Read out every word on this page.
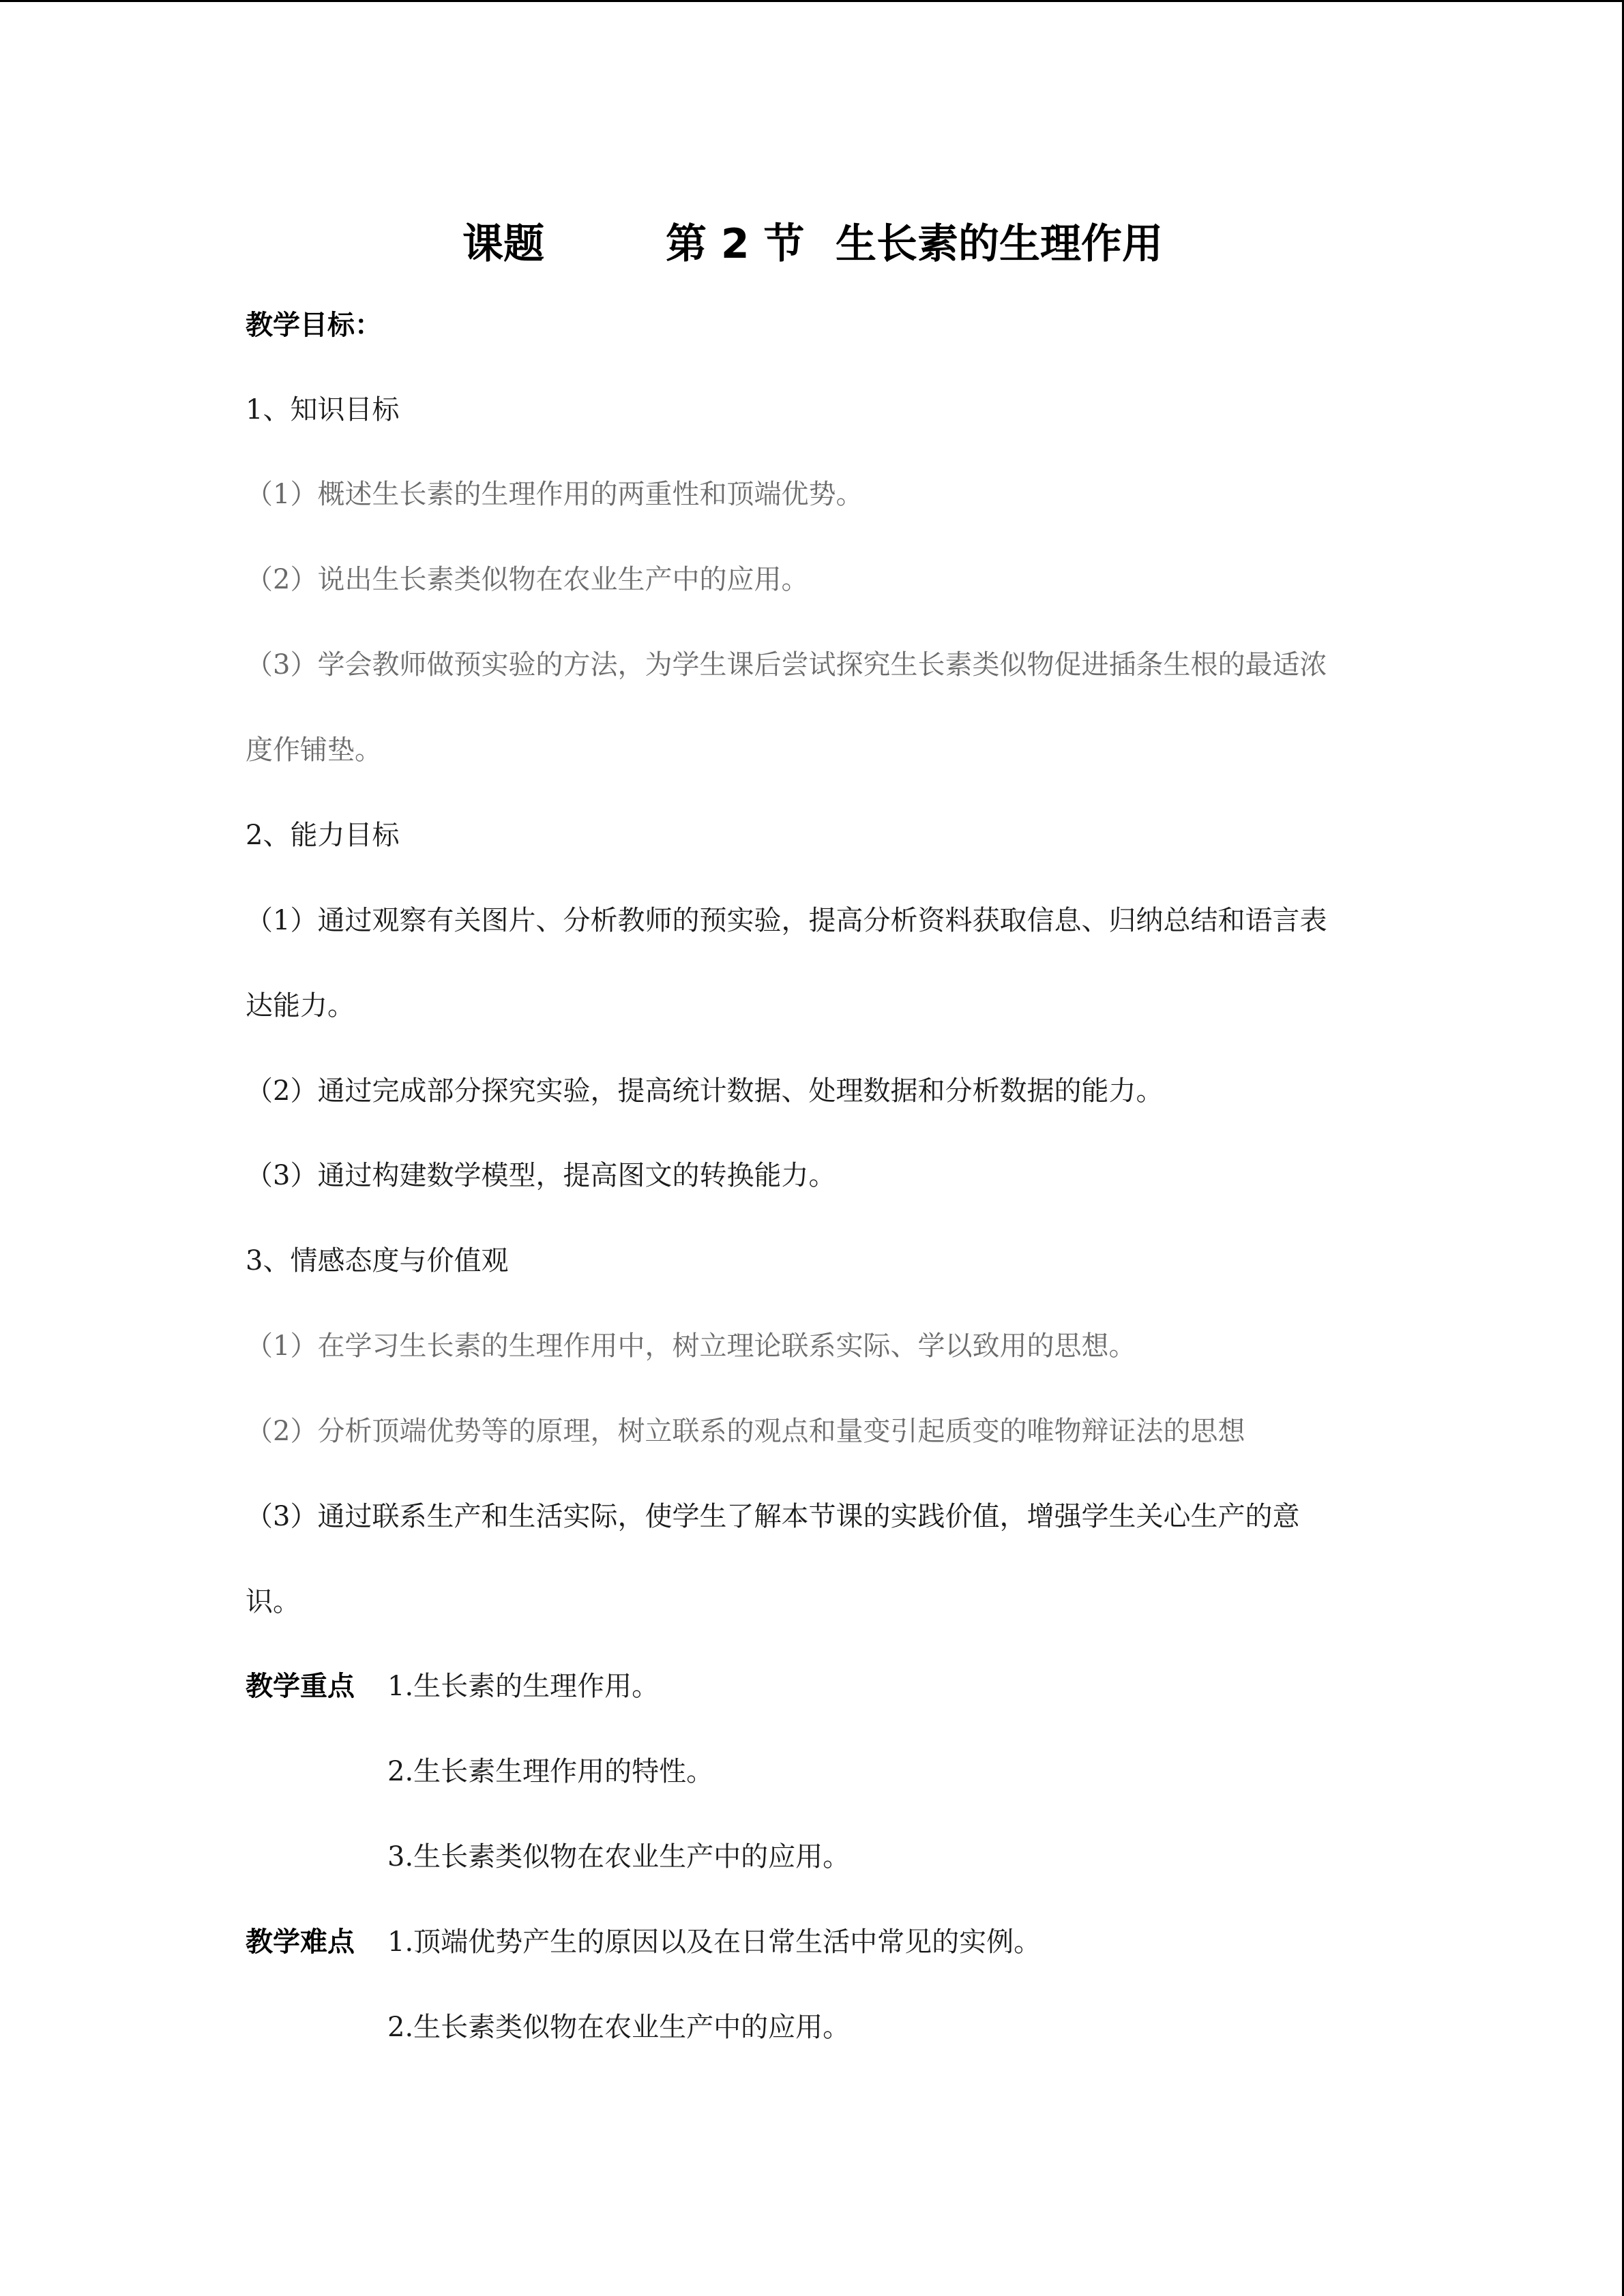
课题	第 2 节 生长素的生理作用
教学目标：
1、知识目标
（1）概述生长素的生理作用的两重性和顶端优势。
（2）说出生长素类似物在农业生产中的应用。
（3）学会教师做预实验的方法，为学生课后尝试探究生长素类似物促进插条生根的最适浓
度作铺垫。
2、能力目标
（1）通过观察有关图片、分析教师的预实验，提高分析资料获取信息、归纳总结和语言表
达能力。
（2）通过完成部分探究实验，提高统计数据、处理数据和分析数据的能力。
（3）通过构建数学模型，提高图文的转换能力。
3、情感态度与价值观
（1）在学习生长素的生理作用中，树立理论联系实际、学以致用的思想。
（2）分析顶端优势等的原理，树立联系的观点和量变引起质变的唯物辩证法的思想
（3）通过联系生产和生活实际，使学生了解本节课的实践价值，增强学生关心生产的意
识。
教学重点 1.生长素的生理作用。
2.生长素生理作用的特性。
3.生长素类似物在农业生产中的应用。
教学难点 1.顶端优势产生的原因以及在日常生活中常见的实例。
2.生长素类似物在农业生产中的应用。
